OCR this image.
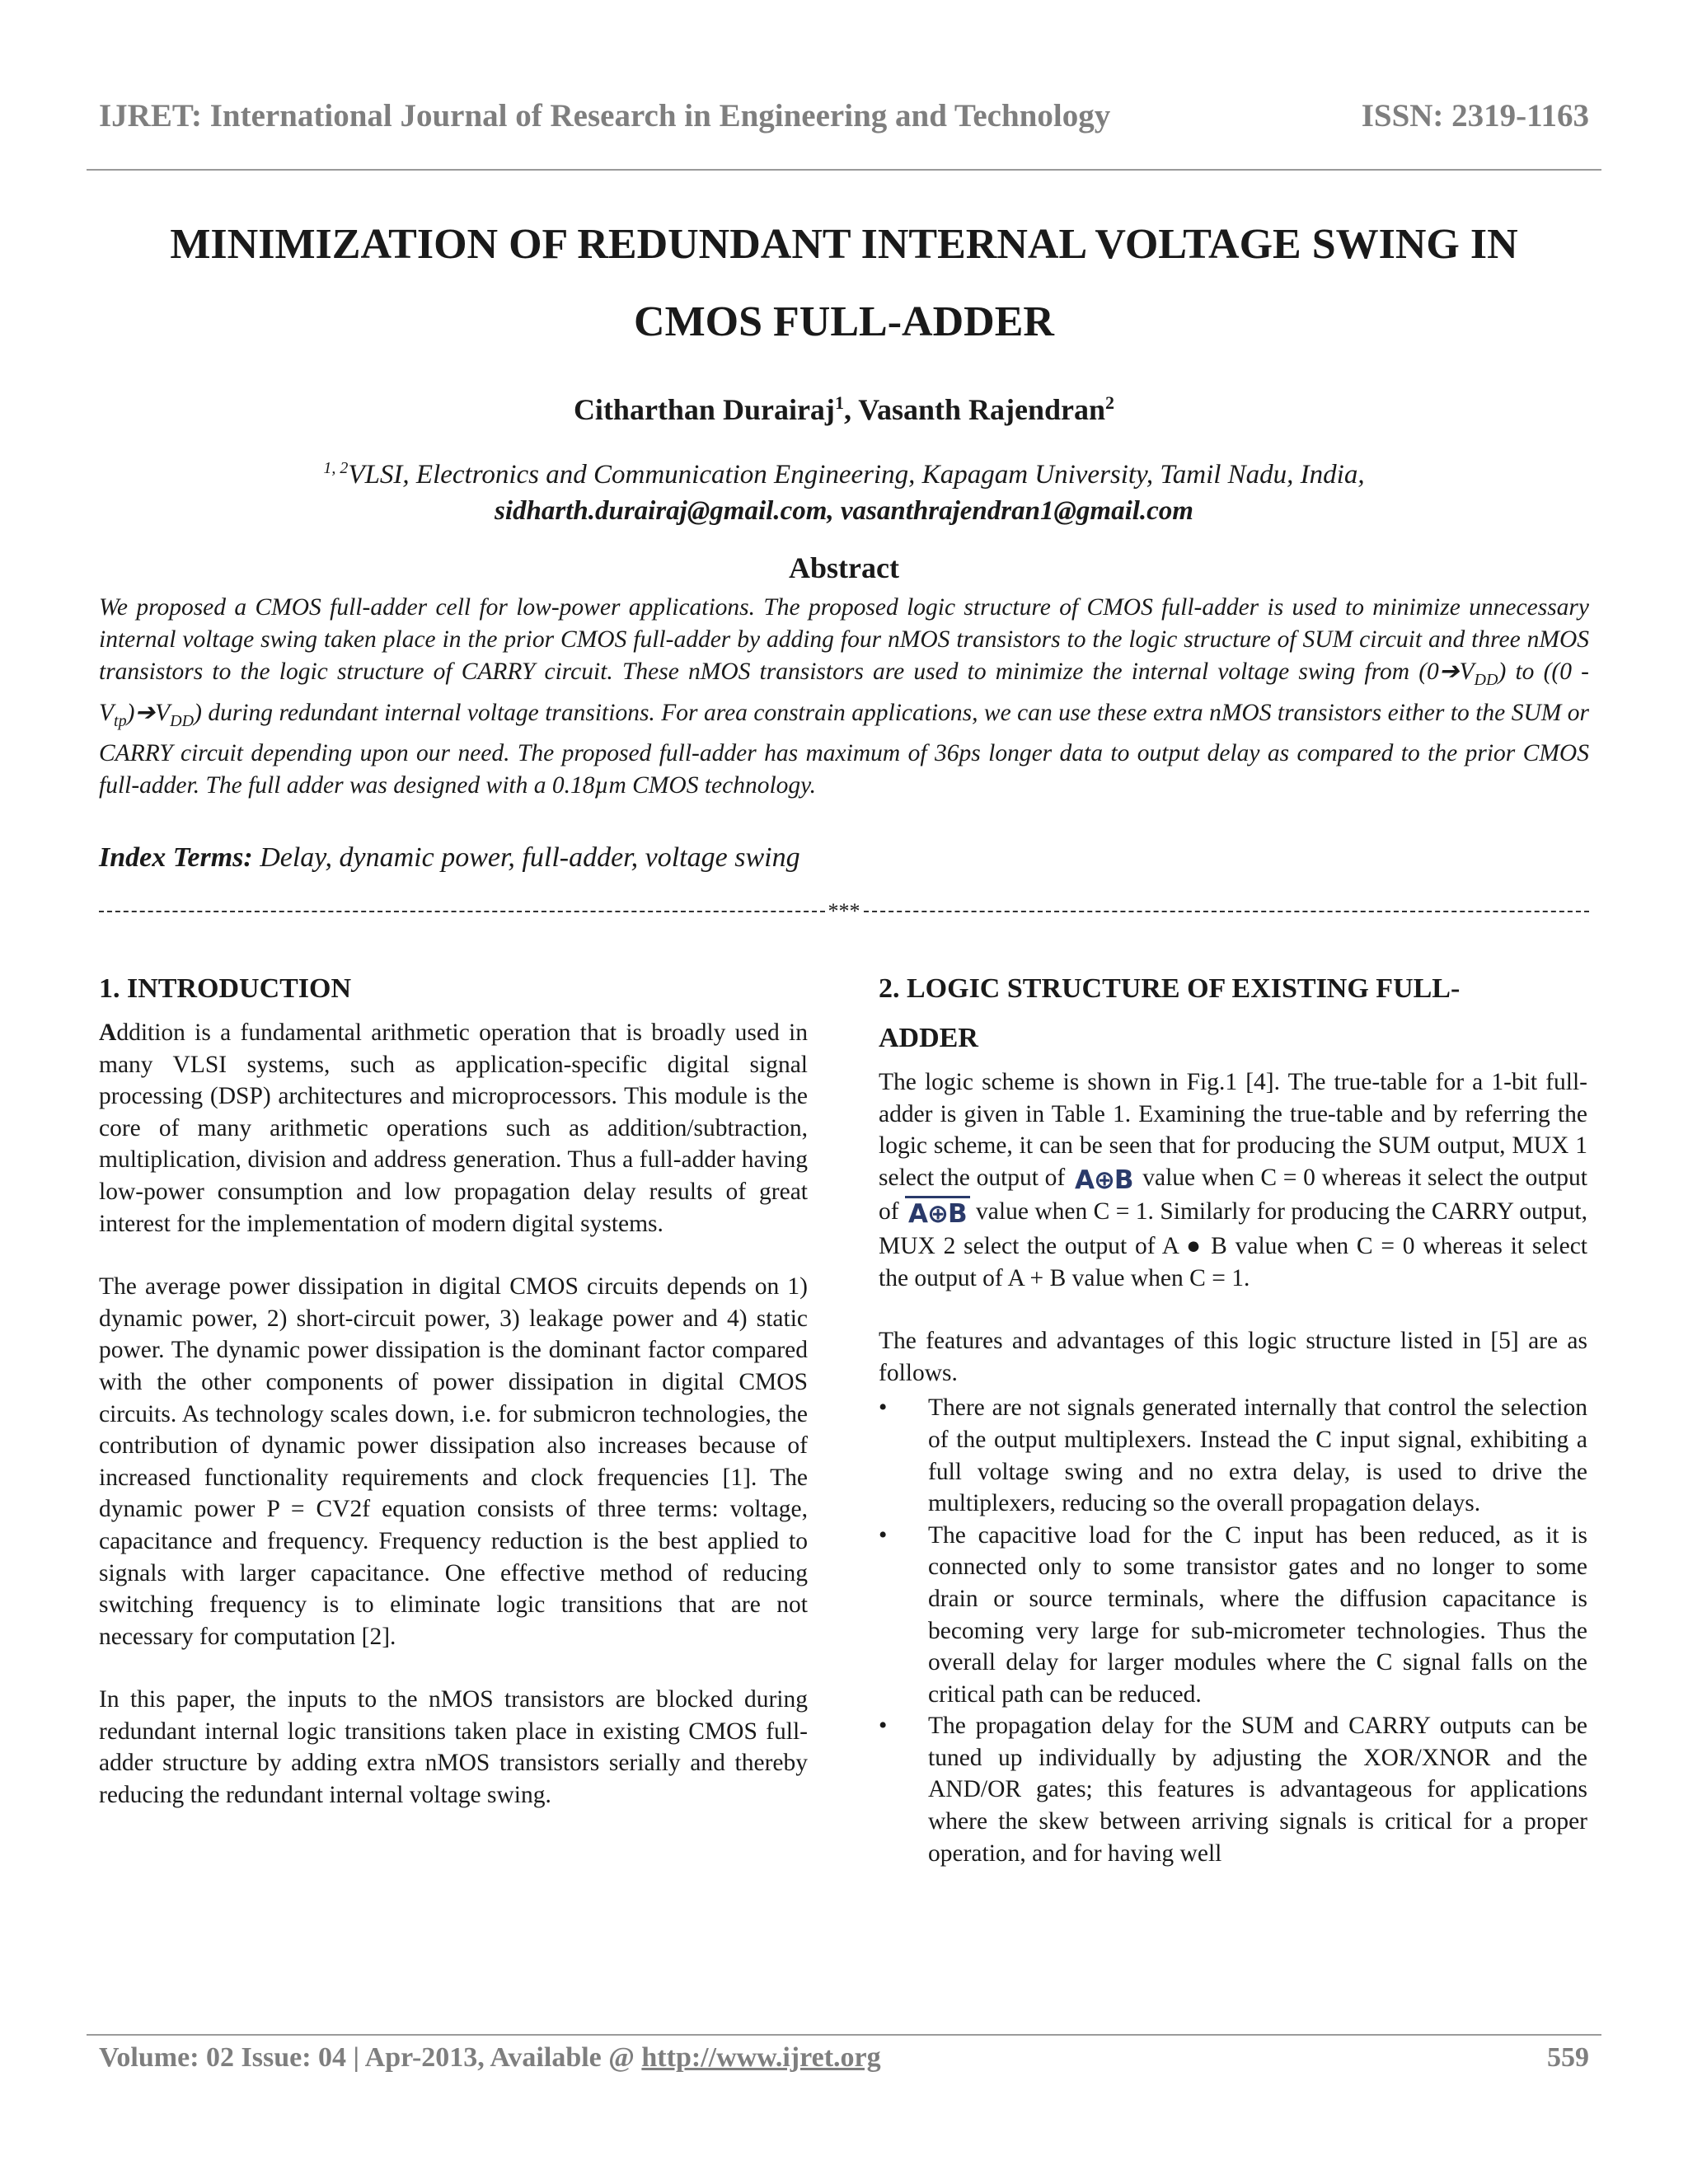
IJRET: International Journal of Research in Engineering and Technology	ISSN: 2319-1163
MINIMIZATION OF REDUNDANT INTERNAL VOLTAGE SWING IN
CMOS FULL-ADDER
Citharthan Durairaj$^1$, Vasanth Rajendran$^2$
$^{1, 2}$VLSI, Electronics and Communication Engineering, Kapagam University, Tamil Nadu, India,
sidharth.durairaj@gmail.com, vasanthrajendran1@gmail.com
Abstract

We proposed a CMOS full-adder cell for low-power applications. The proposed logic structure of CMOS full-adder is used to minimize unnecessary internal voltage swing taken place in the prior CMOS full-adder by adding four nMOS transistors to the logic structure of SUM circuit and three nMOS transistors to the logic structure of CARRY circuit. These nMOS transistors are used to minimize the internal voltage swing from $(0➔V_{DD})$ to $((0 - V_{tp})➔V_{DD})$ during redundant internal voltage transitions. For area constrain applications, we can use these extra nMOS transistors either to the SUM or CARRY circuit depending upon our need. The proposed full-adder has maximum of 36ps longer data to output delay as compared to the prior CMOS full-adder. The full adder was designed with a 0.18µm CMOS technology.

Index Terms: Delay, dynamic power, full-adder, voltage swing
***
1. INTRODUCTION

Addition is a fundamental arithmetic operation that is broadly used in many VLSI systems, such as application-specific digital signal processing (DSP) architectures and microprocessors. This module is the core of many arithmetic operations such as addition/subtraction, multiplication, division and address generation. Thus a full-adder having low-power consumption and low propagation delay results of great interest for the implementation of modern digital systems.

The average power dissipation in digital CMOS circuits depends on 1) dynamic power, 2) short-circuit power, 3) leakage power and 4) static power. The dynamic power dissipation is the dominant factor compared with the other components of power dissipation in digital CMOS circuits. As technology scales down, i.e. for submicron technologies, the contribution of dynamic power dissipation also increases because of increased functionality requirements and clock frequencies [1]. The dynamic power P = CV2f equation consists of three terms: voltage, capacitance and frequency. Frequency reduction is the best applied to signals with larger capacitance. One effective method of reducing switching frequency is to eliminate logic transitions that are not necessary for computation [2].

In this paper, the inputs to the nMOS transistors are blocked during redundant internal logic transitions taken place in existing CMOS full-adder structure by adding extra nMOS transistors serially and thereby reducing the redundant internal voltage swing.

2. LOGIC STRUCTURE OF EXISTING FULL-ADDER

The logic scheme is shown in Fig.1 [4]. The true-table for a 1-bit full-adder is given in Table 1. Examining the true-table and by referring the logic scheme, it can be seen that for producing the SUM output, MUX 1 select the output of A⊕B value when C = 0 whereas it select the output of A⊕B value when C = 1. Similarly for producing the CARRY output, MUX 2 select the output of A ● B value when C = 0 whereas it select the output of A + B value when C = 1.

The features and advantages of this logic structure listed in [5] are as follows.

• There are not signals generated internally that control the selection of the output multiplexers. Instead the C input signal, exhibiting a full voltage swing and no extra delay, is used to drive the multiplexers, reducing so the overall propagation delays.
• The capacitive load for the C input has been reduced, as it is connected only to some transistor gates and no longer to some drain or source terminals, where the diffusion capacitance is becoming very large for sub-micrometer technologies. Thus the overall delay for larger modules where the C signal falls on the critical path can be reduced.
• The propagation delay for the SUM and CARRY outputs can be tuned up individually by adjusting the XOR/XNOR and the AND/OR gates; this features is advantageous for applications where the skew between arriving signals is critical for a proper operation, and for having well
Volume: 02 Issue: 04 | Apr-2013, Available @ http://www.ijret.org	559
